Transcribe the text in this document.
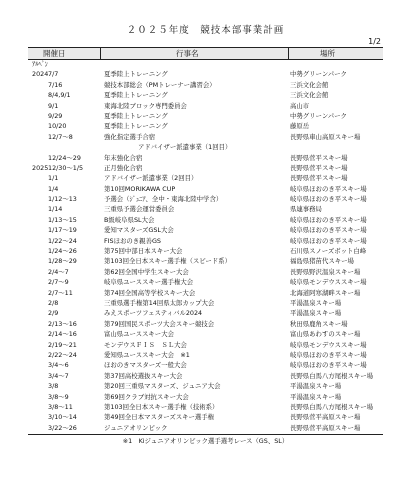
２０２５年度　競技本部事業計画
1/2
開催日	行事名	場所
ｱﾙﾍﾟﾝ
2024 7/7	夏季陸上トレーニング	中勢グリーンパーク
7/16	競技本部総会（PMトレーナー講習会）	三浜文化会館
8/4,9/1	夏季陸上トレーニング	三浜文化会館
9/1	東海北陸ブロック専門委員会	高山市
9/29	夏季陸上トレーニング	中勢グリーンパーク
10/20	夏季陸上トレーニング	藤原岳
12/7～8	強化指定選手合宿	長野県車山高原スキー場
アドバイザー派遣事業（1回目）
12/24～29	年末強化合宿	長野県菅平スキー場
2025 12/30～1/5	正月強化合宿	長野県菅平スキー場
1/1	アドバイザー派遣事業（2回目）	長野県菅平スキー場
1/4	第10回MORIKAWA CUP	岐阜県ほおのき平スキー場
1/12～13	予選会（ｼﾞｭﾆｱ、全中・東海北陸中学含）	岐阜県ほおのき平スキー場
1/14	三重県予選会運営委員会	県連事務局
1/13～15	B級岐阜県SL大会	岐阜県ほおのき平スキー場
1/17～19	愛知マスターズGSL大会	岐阜県ほおのき平スキー場
1/22～24	FISほおのき親善GS	岐阜県ほおのき平スキー場
1/24～26	第75回中部日本スキー大会	石川県スノーズボット白峰
1/28～29	第103回全日本スキー選手権（スピード系）	福島県猪苗代スキー場
2/4～7	第62回全国中学生スキー大会	長野県野沢温泉スキー場
2/7～9	岐阜県ユーススキー選手権大会	岐阜県モンデウススキー場
2/7～11	第74回全国高等学校スキー大会	北海道阿寒湖畔スキー場
2/8	三重県選手権第14回県太郎カップ大会	平湯温泉スキー場
2/9	みえスポーツフェスティバル2024	平湯温泉スキー場
2/13～16	第79回国民スポーツ大会スキー競技会	秋田県鹿角スキー場
2/14～16	富山県ユーススキー大会	富山県あわすのスキー場
2/19～21	モンデウスＦＩＳ　ＳＬ大会	岐阜県モンデウススキー場
2/22～24	愛知県ユーススキー大会　※1	岐阜県ほおのき平スキー場
3/4～6	ほおのきマスターズ一般大会	岐阜県ほおのき平スキー場
3/4～7	第37回高校選抜スキー大会	長野県白馬八方尾根スキー場
3/8	第20回三重県マスターズ、ジュニア大会	平湯温泉スキー場
3/8～9	第69回クラブ対抗スキー大会	平湯温泉スキー場
3/8～11	第103回全日本スキー選手権（技術系）	長野県白馬八方尾根スキー場
3/10～14	第49回全日本マスターズスキー選手権	長野県菅平高原スキー場
3/22～26	ジュニアオリンピック	長野県菅平高原スキー場
※1　Kiジュニアオリンピック選手選考レース（GS、SL）
